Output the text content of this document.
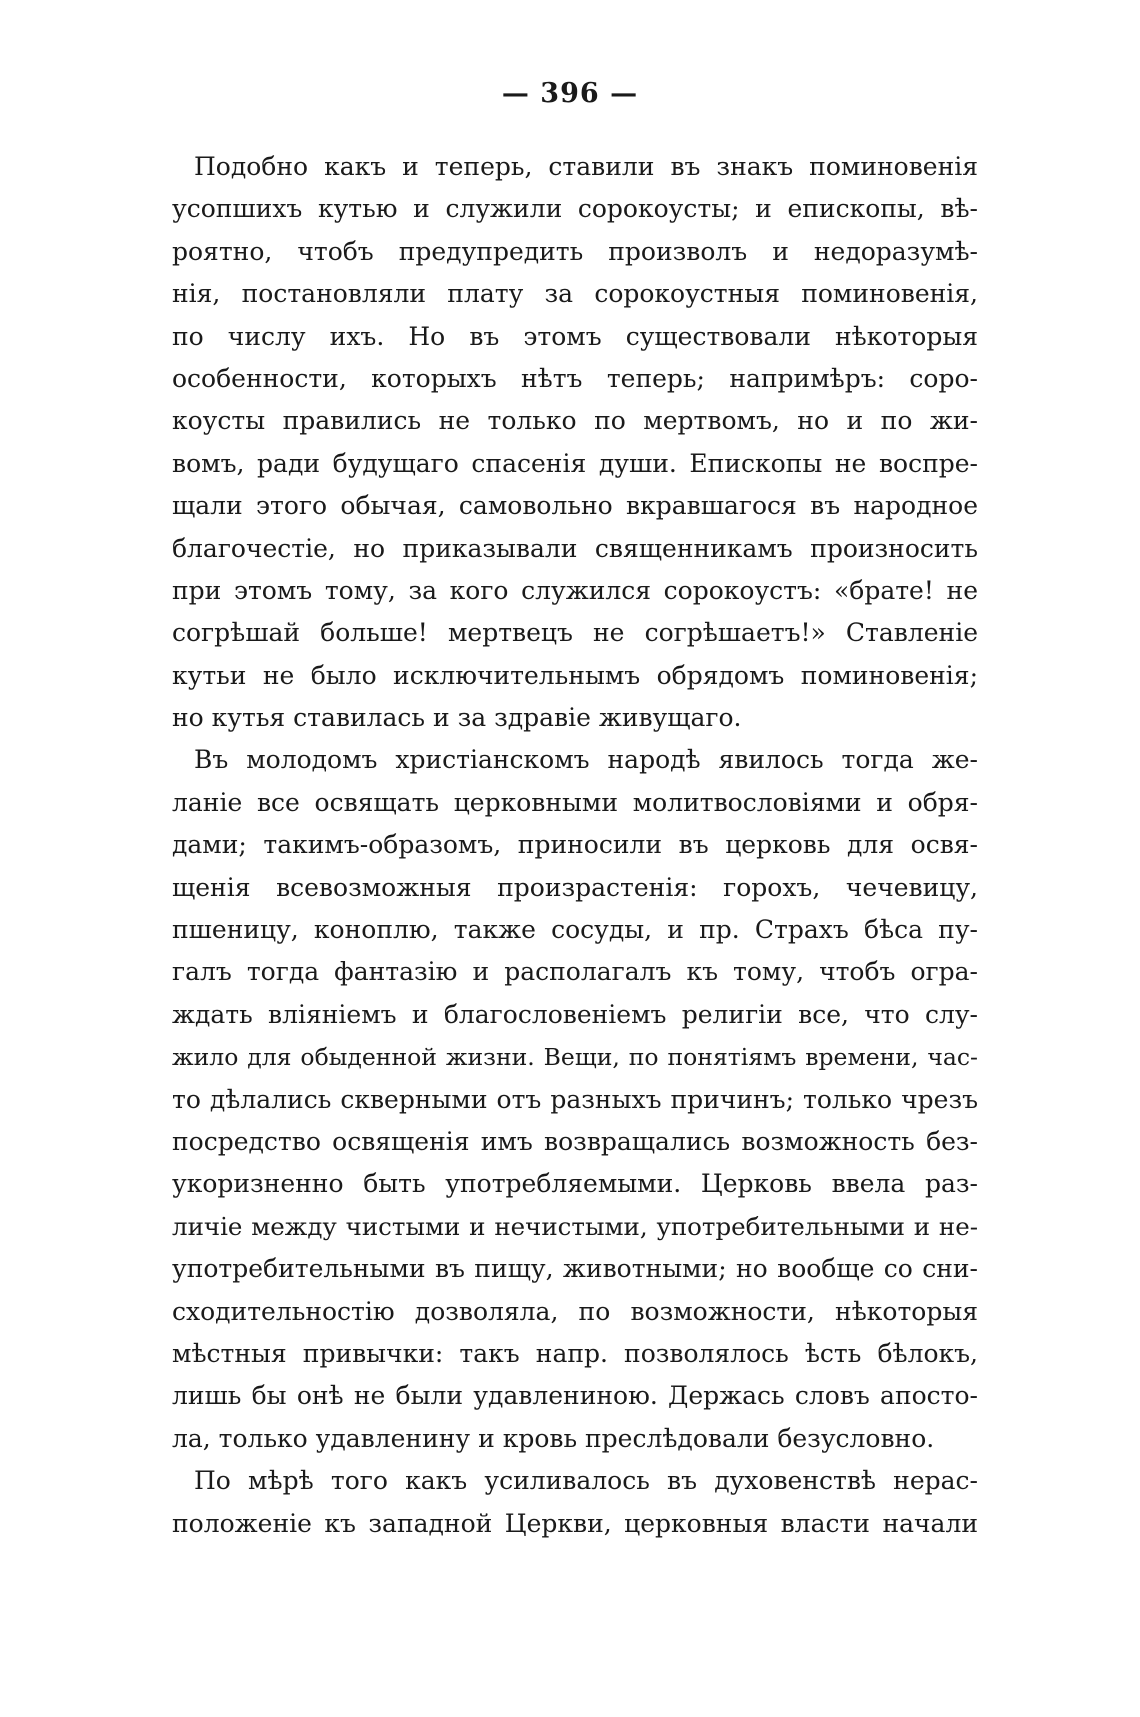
— 396 —
Подобно какъ и теперь, ставили въ знакъ поминовенія
усопшихъ кутью и служили сорокоусты; и епископы, вѣ-
роятно, чтобъ предупредить произволъ и недоразумѣ-
нія, постановляли плату за сорокоустныя поминовенія,
по числу ихъ. Но въ этомъ существовали нѣкоторыя
особенности, которыхъ нѣтъ теперь; напримѣръ: соро-
коусты правились не только по мертвомъ, но и по жи-
вомъ, ради будущаго спасенія души. Епископы не воспре-
щали этого обычая, самовольно вкравшагося въ народное
благочестіе, но приказывали священникамъ произносить
при этомъ тому, за кого служился сорокоустъ: «брате! не
согрѣшай больше! мертвецъ не согрѣшаетъ!» Ставленіе
кутьи не было исключительнымъ обрядомъ поминовенія;
но кутья ставилась и за здравіе живущаго.
Въ молодомъ христіанскомъ народѣ явилось тогда же-
ланіе все освящать церковными молитвословіями и обря-
дами; такимъ-образомъ, приносили въ церковь для освя-
щенія всевозможныя произрастенія: горохъ, чечевицу,
пшеницу, коноплю, также сосуды, и пр. Страхъ бѣса пу-
галъ тогда фантазію и располагалъ къ тому, чтобъ огра-
ждать вліяніемъ и благословеніемъ религіи все, что слу-
жило для обыденной жизни. Вещи, по понятіямъ времени, час-
то дѣлались скверными отъ разныхъ причинъ; только чрезъ
посредство освященія имъ возвращались возможность без-
укоризненно быть употребляемыми. Церковь ввела раз-
личіе между чистыми и нечистыми, употребительными и не-
употребительными въ пищу, животными; но вообще со сни-
сходительностію дозволяла, по возможности, нѣкоторыя
мѣстныя привычки: такъ напр. позволялось ѣсть бѣлокъ,
лишь бы онѣ не были удавлениною. Держась словъ апосто-
ла, только удавленину и кровь преслѣдовали безусловно.
По мѣрѣ того какъ усиливалось въ духовенствѣ нерас-
положеніе къ западной Церкви, церковныя власти начали
